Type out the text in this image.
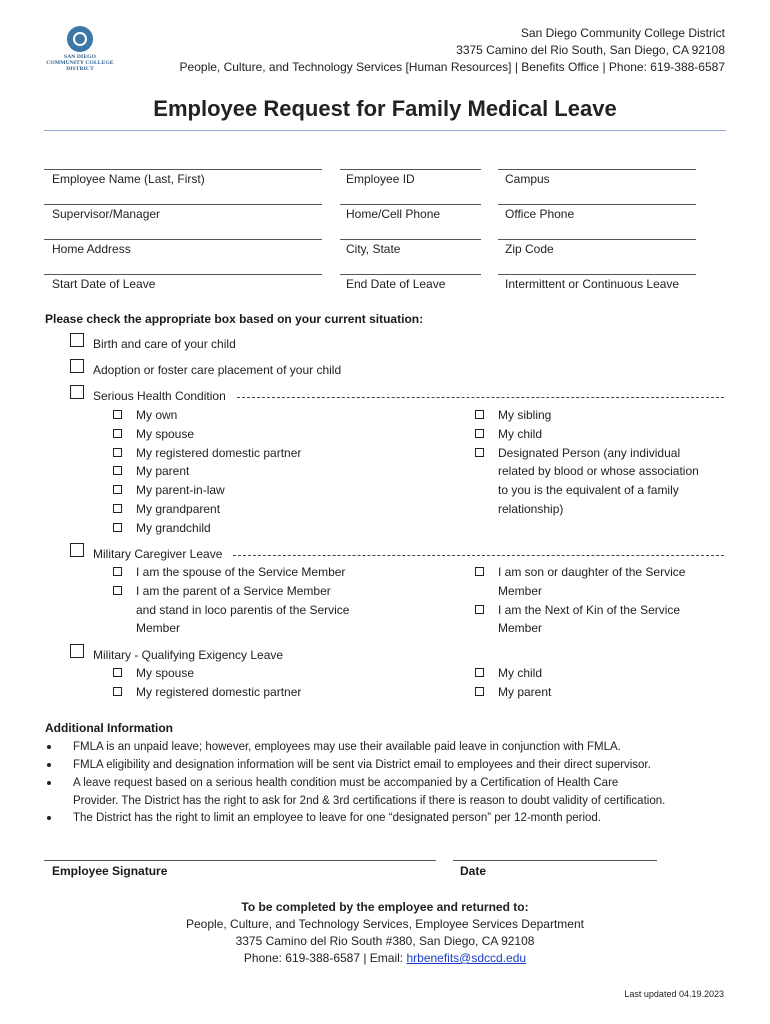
SAN DIEGO COMMUNITY COLLEGE DISTRICT
San Diego Community College District
3375 Camino del Rio South, San Diego, CA 92108
People, Culture, and Technology Services [Human Resources] | Benefits Office | Phone: 619-388-6587
Employee Request for Family Medical Leave
Employee Name (Last, First)	Employee ID	Campus
Supervisor/Manager	Home/Cell Phone	Office Phone
Home Address	City, State	Zip Code
Start Date of Leave	End Date of Leave	Intermittent or Continuous Leave
Please check the appropriate box based on your current situation:
Birth and care of your child
Adoption or foster care placement of your child
Serious Health Condition
My own
My spouse
My registered domestic partner
My parent
My parent-in-law
My grandparent
My grandchild
My sibling
My child
Designated Person (any individual
related by blood or whose association
to you is the equivalent of a family
relationship)
Military Caregiver Leave
I am the spouse of the Service Member
I am the parent of a Service Member
and stand in loco parentis of the Service
Member
I am son or daughter of the Service
Member
I am the Next of Kin of the Service
Member
Military - Qualifying Exigency Leave
My spouse
My registered domestic partner
My child
My parent
Additional Information
FMLA is an unpaid leave; however, employees may use their available paid leave in conjunction with FMLA.
FMLA eligibility and designation information will be sent via District email to employees and their direct supervisor.
A leave request based on a serious health condition must be accompanied by a Certification of Health Care
Provider. The District has the right to ask for 2nd & 3rd certifications if there is reason to doubt validity of certification.
The District has the right to limit an employee to leave for one “designated person” per 12-month period.
Employee Signature	Date
To be completed by the employee and returned to:
People, Culture, and Technology Services, Employee Services Department
3375 Camino del Rio South #380, San Diego, CA 92108
Phone: 619-388-6587 | Email: hrbenefits@sdccd.edu
Last updated 04.19.2023
